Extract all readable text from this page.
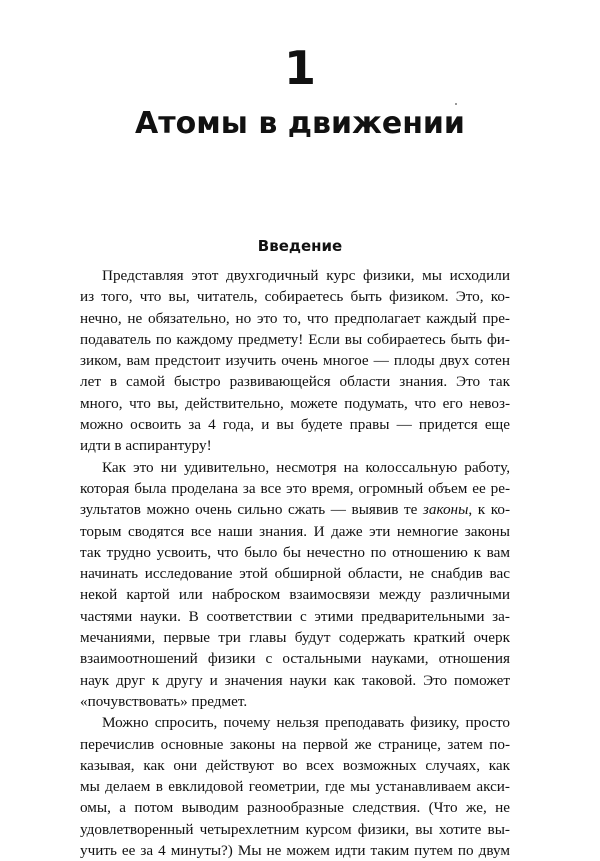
1
Атомы в движении
Введение
Представляя этот двухгодичный курс физики, мы исходили
из того, что вы, читатель, собираетесь быть физиком. Это, ко-
нечно, не обязательно, но это то, что предполагает каждый пре-
подаватель по каждому предмету! Если вы собираетесь быть фи-
зиком, вам предстоит изучить очень многое — плоды двух сотен
лет в самой быстро развивающейся области знания. Это так
много, что вы, действительно, можете подумать, что его невоз-
можно освоить за 4 года, и вы будете правы — придется еще
идти в аспирантуру!
Как это ни удивительно, несмотря на колоссальную работу,
которая была проделана за все это время, огромный объем ее ре-
зультатов можно очень сильно сжать — выявив те законы, к ко-
торым сводятся все наши знания. И даже эти немногие законы
так трудно усвоить, что было бы нечестно по отношению к вам
начинать исследование этой обширной области, не снабдив вас
некой картой или наброском взаимосвязи между различными
частями науки. В соответствии с этими предварительными за-
мечаниями, первые три главы будут содержать краткий очерк
взаимоотношений физики с остальными науками, отношения
наук друг к другу и значения науки как таковой. Это поможет
«почувствовать» предмет.
Можно спросить, почему нельзя преподавать физику, просто
перечислив основные законы на первой же странице, затем по-
казывая, как они действуют во всех возможных случаях, как
мы делаем в евклидовой геометрии, где мы устанавливаем акси-
омы, а потом выводим разнообразные следствия. (Что же, не
удовлетворенный четырехлетним курсом физики, вы хотите вы-
учить ее за 4 минуты?) Мы не можем идти таким путем по двум
